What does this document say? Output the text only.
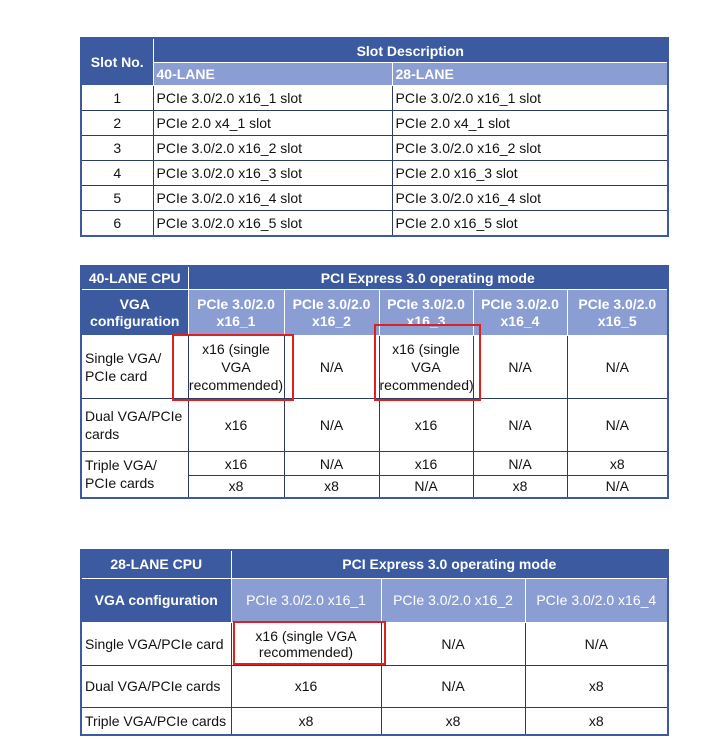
Slot No.	Slot Description	
	40-LANE	28-LANE
1	PCIe 3.0/2.0 x16_1 slot	PCIe 3.0/2.0 x16_1 slot
2	PCIe 2.0 x4_1 slot	PCIe 2.0 x4_1 slot
3	PCIe 3.0/2.0 x16_2 slot	PCIe 3.0/2.0 x16_2 slot
4	PCIe 3.0/2.0 x16_3 slot	PCIe 2.0 x16_3 slot
5	PCIe 3.0/2.0 x16_4 slot	PCIe 3.0/2.0 x16_4 slot
6	PCIe 3.0/2.0 x16_5 slot	PCIe 2.0 x16_5 slot
40-LANE CPU	PCI Express 3.0 operating mode				
VGA configuration	PCIe 3.0/2.0 x16_1	PCIe 3.0/2.0 x16_2	PCIe 3.0/2.0 x16_3	PCIe 3.0/2.0 x16_4	PCIe 3.0/2.0 x16_5
Single VGA/ PCIe card	x16 (single VGA recommended)	N/A	x16 (single VGA recommended)	N/A	N/A
Dual VGA/PCIe cards	x16	N/A	x16	N/A	N/A
Triple VGA/ PCIe cards	x16	N/A	x16	N/A	x8
	x8	x8	N/A	x8	N/A
28-LANE CPU	PCI Express 3.0 operating mode		
VGA configuration	PCIe 3.0/2.0 x16_1	PCIe 3.0/2.0 x16_2	PCIe 3.0/2.0 x16_4
Single VGA/PCIe card	x16 (single VGA recommended)	N/A	N/A
Dual VGA/PCIe cards	x16	N/A	x8
Triple VGA/PCIe cards	x8	x8	x8
